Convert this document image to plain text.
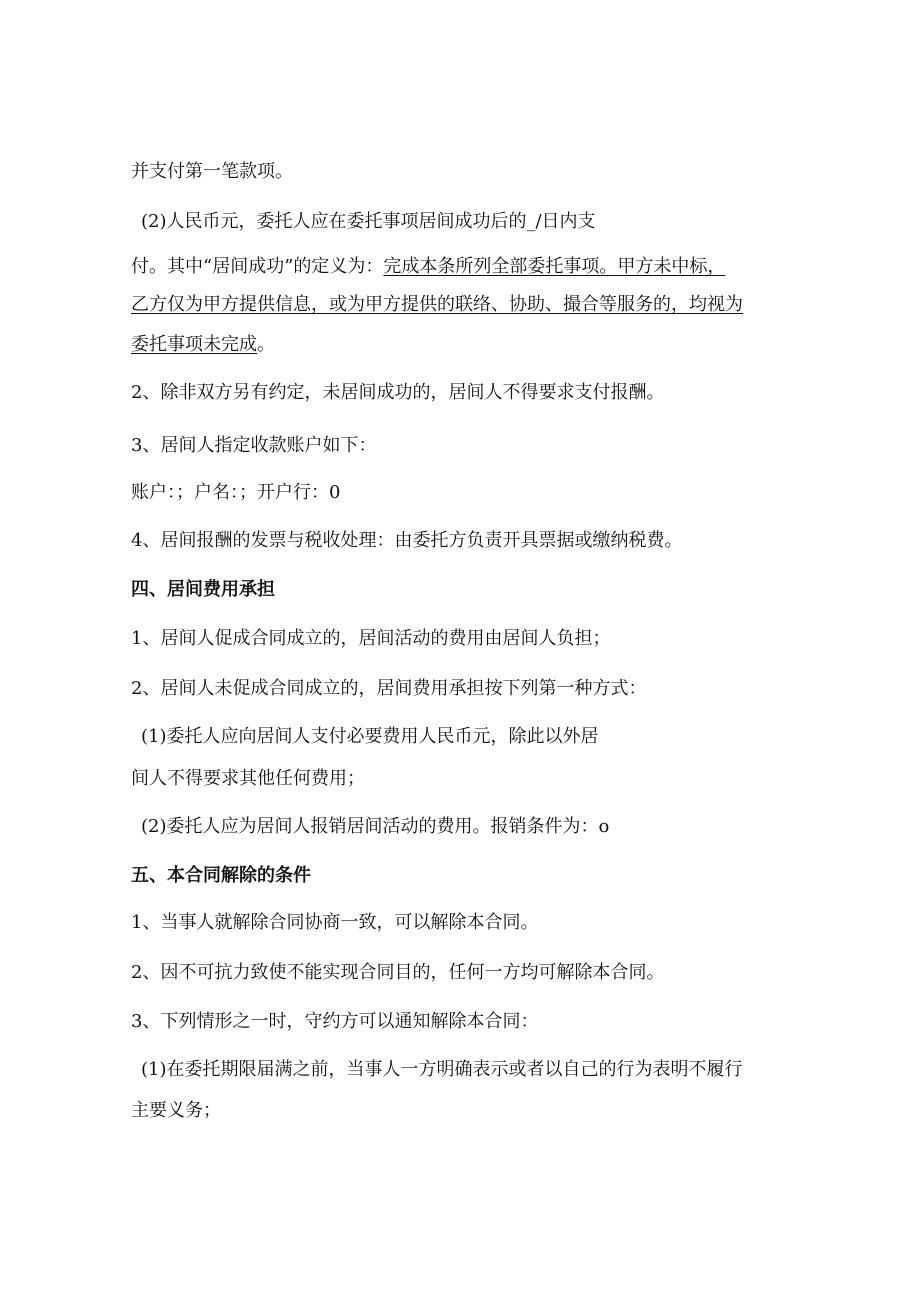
并支付第一笔款项。

(2)人民币元，委托人应在委托事项居间成功后的_/日内支

付。其中“居间成功”的定义为：完成本条所列全部委托事项。甲方未中标，

乙方仅为甲方提供信息，或为甲方提供的联络、协助、撮合等服务的，均视为

委托事项未完成。

2、除非双方另有约定，未居间成功的，居间人不得要求支付报酬。

3、居间人指定收款账户如下：

账户：；户名：；开户行：0

4、居间报酬的发票与税收处理：由委托方负责开具票据或缴纳税费。

四、居间费用承担

1、居间人促成合同成立的，居间活动的费用由居间人负担；

2、居间人未促成合同成立的，居间费用承担按下列第一种方式：

(1)委托人应向居间人支付必要费用人民币元，除此以外居

间人不得要求其他任何费用；

(2)委托人应为居间人报销居间活动的费用。报销条件为：o

五、本合同解除的条件

1、当事人就解除合同协商一致，可以解除本合同。

2、因不可抗力致使不能实现合同目的，任何一方均可解除本合同。

3、下列情形之一时，守约方可以通知解除本合同：

(1)在委托期限届满之前，当事人一方明确表示或者以自己的行为表明不履行

主要义务；
